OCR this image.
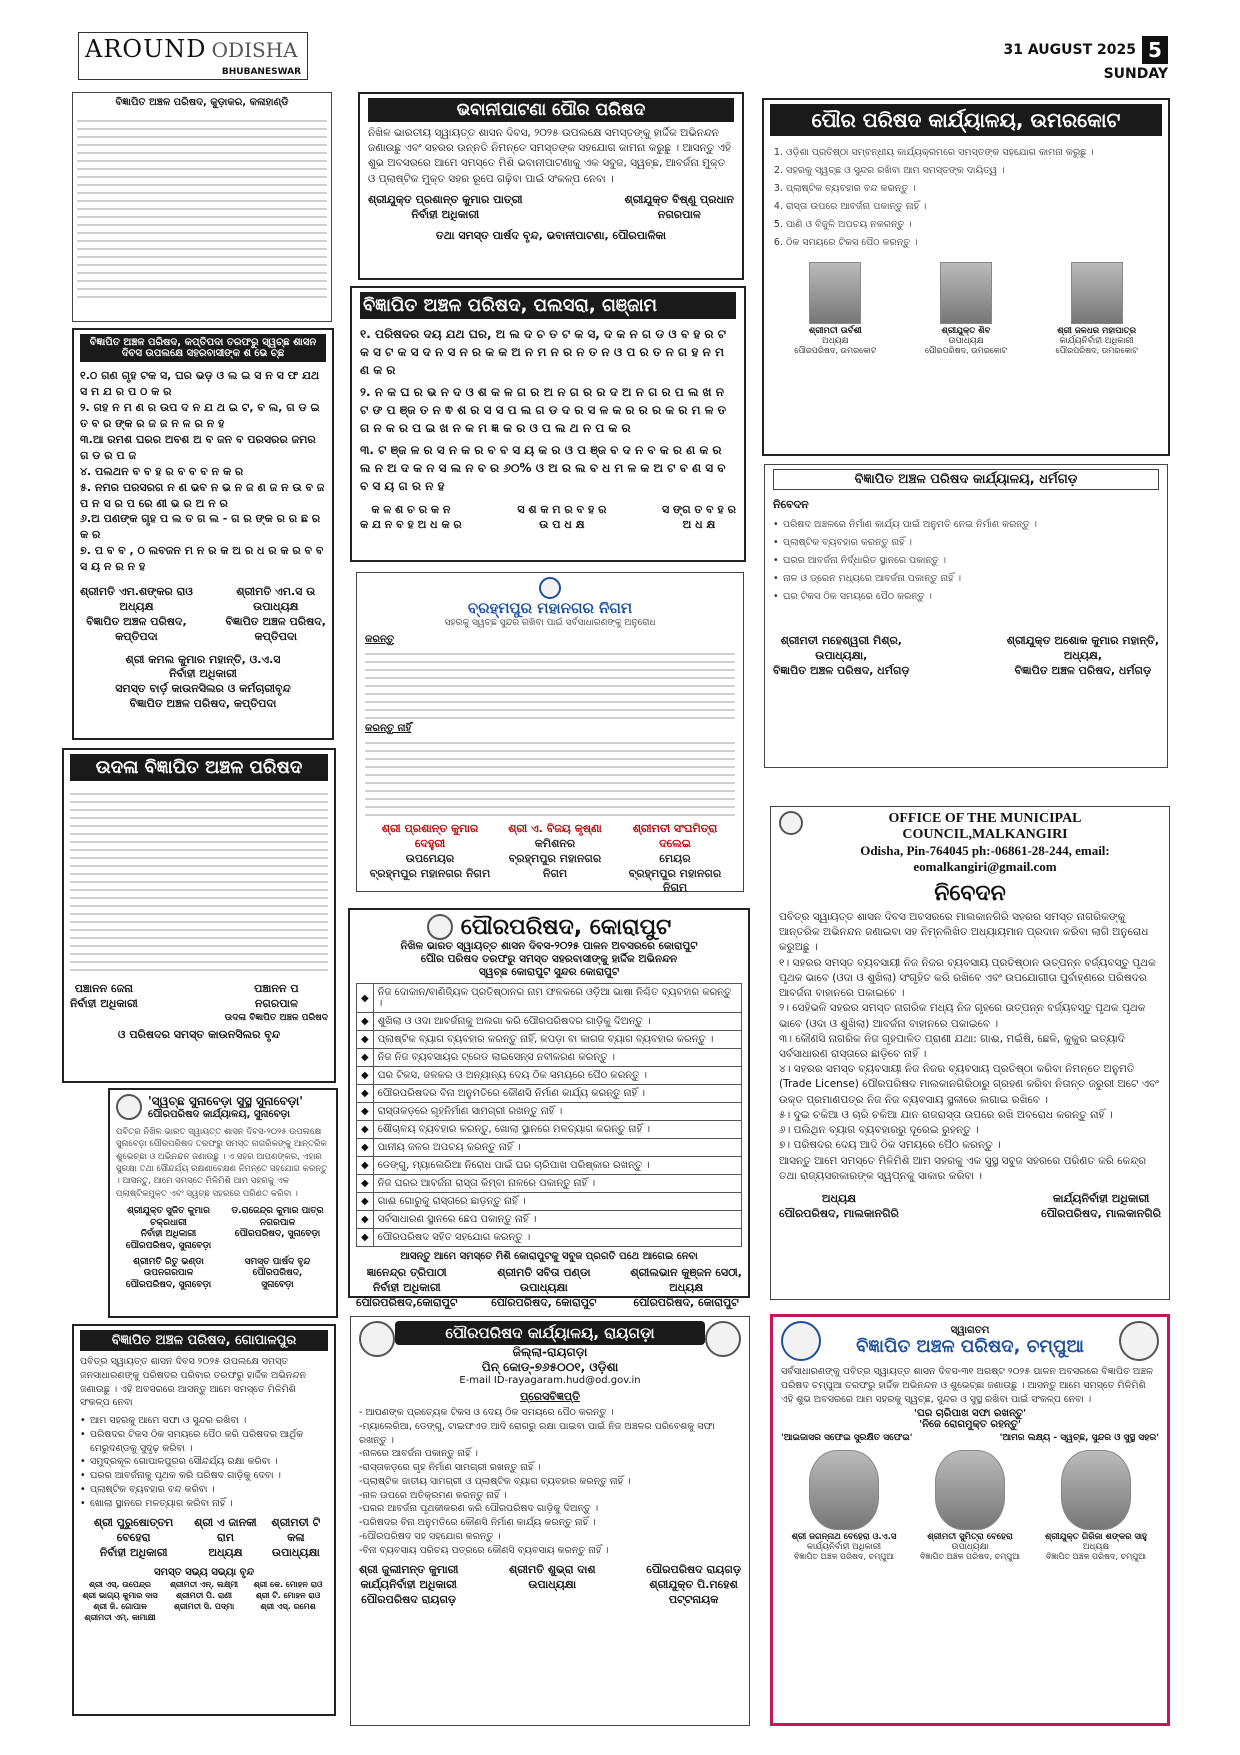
AROUND ODISHA
BHUBANESWAR
31 AUGUST 2025 5
SUNDAY
ବିଜ୍ଞାପିତ ଅଞ୍ଚଳ ପରିଷଦ, କୁଡ଼ାକର, କଳାହାଣ୍ଡି
ବିଜ୍ଞାପିତ ଅଞ୍ଚଳ ପରିଷଦ, କପ୍ତିପଦା ତରଫରୁ ସ୍ୱଚ୍ଛ ଶାସନ ଦିବସ ଉପଲକ୍ଷେ ସହରବାସୀଙ୍କ ଶ ଭେ ଚ୍ଛ
୧.ଠ ଗଣ ଗୃହ ଟକ ସ, ଘର ଭଡ଼ ଓ ଲ ଇ ସ ନ ସ ଫ ଯଥ ସ ମ ଯ ର ପ ଠ କ ର
୨. ଗହ ନ ମ ଣ ର ଉପ ଦ ନ ଯ ଥ ଇ ଟ, ବ ଲ, ଗ ଡ ଇ ତ ବ ର ଙ୍କ ର ଜ ଜ ନ ଳ ର ନ ହ
୩.ଆ ରମଶ ଘରର ଅବଶ ଅ ବ ଜନ ବ ପରସରର ଜମର ଗ ଡ ର ପ ଜ
୪. ପଲଥନ ବ ବ ହ ର ବ ବ ବ ନ କ ର
୫. ନମର ପରସରଗ ନ ଣ ଭବ ନ ଭ ନ ଜ ଣ ଜ ନ ଉ ବ ଜ ପ ନ ସ ର ପ ରେ ଣୀ ଭ ର ଅ ନ ର
୬.ଅ ପଣଙ୍କ ଗୃହ ପ ଲ ତ ଗ ଲ - ଗ ର ଙ୍କ ର ର ଛ ର କ ର
୭. ପ ବ ବ , ଠ ଲବଜନ ମ ନ ର କ ଅ ର ଧ ର କ ର ବ ବ ସ ୟ ନ ର ନ ହ
ଶ୍ରୀମତି ଏମ.ଶଙ୍କର ରାଓ
ଅଧ୍ୟକ୍ଷ
ବିଜ୍ଞାପିତ ଅଞ୍ଚଳ ପରିଷଦ,
କପ୍ତିପଦା
ଶ୍ରୀମତି ଏମ.ସ ଉ
ଉପାଧ୍ୟକ୍ଷ
ବିଜ୍ଞାପିତ ଅଞ୍ଚଳ ପରିଷଦ,
କପ୍ତିପଦା
ଶ୍ରୀ କମଲ କୁମାର ମହାନ୍ତି, ଓ.ଏ.ସ
ନିର୍ବାହୀ ଅଧିକାରୀ
ସମସ୍ତ ବାର୍ଡ଼ କାଉନସିଲର ଓ କର୍ମଚାରୀବୃନ୍ଦ
ବିଜ୍ଞାପିତ ଅଞ୍ଚଳ ପରିଷଦ, କପ୍ତିପଦା
ଉଦଳା ବିଜ୍ଞାପିତ ଅଞ୍ଚଳ ପରିଷଦ
ପଞ୍ଚାନନ ଜେନା
ନିର୍ବାହୀ ଅଧିକାରୀ
ପଞ୍ଚାନନ ପ
ନଗରପାଳ
ଉଦଳା ବିଜ୍ଞାପିତ ଅଞ୍ଚଳ ପରିଷଦ
ଓ ପରିଷଦର ସମସ୍ତ କାଉନସିଲର ବୃନ୍ଦ
'ସ୍ୱଚ୍ଛ ସୁନାବେଡ଼ା ସୁସ୍ଥ ସୁନାବେଡ଼ା'
ପୌରପରିଷଦ କାର୍ଯ୍ୟାଳୟ, ସୁନାବେଡ଼ା
ପବିତ୍ର ନିଖିଳ ଭାରତ ସ୍ୱାୟତ୍ତ ଶାସନ ଦିବସ-୨୦୨୫ ଉପଲକ୍ଷେ ସୁନାବେଡ଼ା ପୌରପରିଷଦ ତରଫରୁ ସମସ୍ତ ନାଗରିକଙ୍କୁ ଆନ୍ତରିକ ଶୁଭେଚ୍ଛା ଓ ଅଭିନନ୍ଦନ ଜଣାଉଛୁ । ଏ ସହର ଆପଣଙ୍କର, ଏହାର ସୁରକ୍ଷା ତଥା ସୌନ୍ଦର୍ଯ୍ୟ ରକ୍ଷଣାବେକ୍ଷଣ ନିମନ୍ତେ ସହଯୋଗ କରନ୍ତୁ । ଆସନ୍ତୁ, ଆମେ ସମସ୍ତେ ମିଳିମିଶି ଆମ ସହରକୁ ଏକ ପ୍ଲାଷ୍ଟିକମୁକ୍ତ ଏବଂ ସ୍ୱଚ୍ଛ ସହରରେ ପରିଣତ କରିବା ।
ଶ୍ରୀଯୁକ୍ତ ସୁଜିତ କୁମାର ଚକ୍ରଧାରୀ
ନିର୍ବାହୀ ଅଧିକାରୀ
ପୌରପରିଷଦ, ସୁନାବେଡ଼ା
ଡ.ରାଜେନ୍ଦ୍ର କୁମାର ପାତ୍ର
ନଗରପାଳ
ପୌରପରିଷଦ, ସୁନାବେଡ଼ା
ଶ୍ରୀମତି ରିତୁ ଭଣ୍ଡା
ଉପନଗରପାଳ
ପୌରପରିଷଦ, ସୁନାବେଡ଼ା
ସମସ୍ତ ପାର୍ଷଦ ବୃନ୍ଦ
ପୌରପରିଷଦ,
ସୁନାବେଡ଼ା
ବିଜ୍ଞାପିତ ଅଞ୍ଚଳ ପରିଷଦ, ଗୋପାଳପୁର
ପବିତ୍ର ସ୍ୱାୟତ୍ତ ଶାସନ ଦିବସ ୨୦୨୫ ଉପଲକ୍ଷେ ସମସ୍ତ ଜନସାଧାରଣଙ୍କୁ ପରିଷଦର ପରିବାର ତରଫରୁ ହାର୍ଦ୍ଦିକ ଅଭିନନ୍ଦନ ଜଣାଉଛୁ । ଏହି ଅବସରରେ ଆସନ୍ତୁ ଆମେ ସମସ୍ତେ ମିଳିମିଶି ସଂକଳ୍ପ ନେବା
• ଆମ ସହରକୁ ଆମେ ସଫା ଓ ସୁନ୍ଦର ରଖିବା ।
• ପରିଷଦର ଟିକସ ଠିକ ସମୟରେ ପୈଠ କରି ପରିଷଦର ଆର୍ଥିକ ମେରୁଦଣ୍ଡକୁ ସୁଦୃଢ଼ କରିବା ।
• ସମୁଦ୍ରକୂଳ ଗୋପାଳପୁରର ସୌନ୍ଦର୍ଯ୍ୟ ରକ୍ଷା କରିବା ।
• ଘରର ଆବର୍ଜନାକୁ ପୃଥକ କରି ପରିଷଦ ଗାଡ଼ିକୁ ଦେବା ।
• ପ୍ଲାଷ୍ଟିକ ବ୍ୟବହାର ବନ୍ଦ କରିବା ।
• ଖୋଲା ସ୍ଥାନରେ ମଳତ୍ୟାଗ କରିବା ନାହିଁ ।
ଶ୍ରୀ ପୁରୁଷୋତ୍ତମ ବେହେରା
ନିର୍ବାହୀ ଅଧିକାରୀ
ଶ୍ରୀ ଏ ଜାନକୀ ରାମ
ଅଧ୍ୟକ୍ଷ
ଶ୍ରୀମତୀ ଟି କଳା
ଉପାଧ୍ୟକ୍ଷା
ସମସ୍ତ ସଭ୍ୟ ସଭ୍ୟା ବୃନ୍ଦ
ଶ୍ରୀ ଏସ୍. ଉପେନ୍ଦ୍ର	ଶ୍ରୀମତୀ ଏନ୍. ଲକ୍ଷ୍ମୀ	ଶ୍ରୀ କେ. ମୋହନ ରାଓ
ଶ୍ରୀ ଭାଗ୍ୟ କୁମାର ଦାସ	ଶ୍ରୀମତୀ ପି. ରାଣୀ	ଶ୍ରୀ ଟି. ମୋହନ ରାଓ
ଶ୍ରୀ ଜି. ଗୋପାଳ	ଶ୍ରୀମତୀ ସି. ପଦ୍ମା	ଶ୍ରୀ ଏସ୍. ରମେଶ
ଶ୍ରୀମତୀ ଏମ୍. କାମାକ୍ଷୀ
ଭବାନୀପାଟଣା ପୌର ପରିଷଦ
ନିଖିଳ ଭାରତୀୟ ସ୍ୱାୟତ୍ତ ଶାସନ ଦିବସ, ୨୦୨୫ ଉପଲକ୍ଷେ ସମସ୍ତଙ୍କୁ ହାର୍ଦ୍ଦିକ ଅଭିନନ୍ଦନ ଜଣାଉଛୁ ଏବଂ ସହରର ଉନ୍ନତି ନିମନ୍ତେ ସମସ୍ତଙ୍କ ସହଯୋଗ କାମନା କରୁଛୁ । ଆସନ୍ତୁ ଏହି ଶୁଭ ଅବସରରେ ଆମେ ସମସ୍ତେ ମିଶି ଭବାନୀପାଟଣାକୁ ଏକ ସବୁଜ, ସ୍ୱଚ୍ଛ, ଆବର୍ଜନା ମୁକ୍ତ ଓ ପ୍ଲାଷ୍ଟିକ ମୁକ୍ତ ସହର ରୂପେ ଗଢ଼ିବା ପାଇଁ ସଂକଳ୍ପ ନେବା ।
ଶ୍ରୀଯୁକ୍ତ ପ୍ରଶାନ୍ତ କୁମାର ପାତ୍ରୀ
ନିର୍ବାହୀ ଅଧିକାରୀ
ଶ୍ରୀଯୁକ୍ତ ବିଷ୍ଣୁ ପ୍ରଧାନ
ନଗରପାଳ
ତଥା ସମସ୍ତ ପାର୍ଷଦ ବୃନ୍ଦ, ଭବାନୀପାଟଣା, ପୌରପାଳିକା
ବିଜ୍ଞାପିତ ଅଞ୍ଚଳ ପରିଷଦ, ପଲସରା, ଗଞ୍ଜାମ
୧. ପରିଷଦର ଦୟ ଯଥ ଘର, ଅ ଲ ଦ ଚ ତ ଟ କ ସ, ଦ କ ନ ଗ ଡ ଓ ବ ହ ର ଟ କ ସ ଟ କ ସ ଦ ନ ସ ନ ର କ କ ଅ ନ ମ ନ ର ନ ତ ନ ଓ ପ ର ତ ନ ଗ ହ ନ ମ ଣ କ ର
୨. ନ କ ଘ ର ଭ ନ ଦ ଓ ଶ କ ଳ ଗ ର ଅ ନ ଗ ର ର ଦ ଅ ନ ଗ ର ପ ଲ ଖ ନ ଟ ଙ ପ ଞ୍ଜ ତ ନ ଵ ଶ ର ସ ସ ପ ଲ ଗ ଡ ଦ ର ସ ଳ କ ର ର ର କ ର ମ ଳ ତ ଗ ନ କ ର ପ ଇ ଖ ନ କ ମ ଜ୍ଞ କ ର ଓ ପ ଲ ଥ ନ ପ କ ର
୩. ଟ ଞ୍ଜ ଳ ର ସ ନ କ ର ବ ବ ସ ୟ କ ର ଓ ପ ଞ୍ଜ ବ ଦ ନ ବ କ ର ଣ କ ର ଲ ନ ଅ ଦ କ ନ ସ ଲ ନ ବ ର ୬୦% ଓ ଅ ର ଲ ବ ଧ ମ ଳ କ ଅ ଟ ବ ଣ ସ ବ ବ ସ ୟ ଗ ର ନ ହ
କ ଳ ଶ ଚ ର କ ନ
କ ଯ ନ ବ ହ ଅ ଧ କ ର
ସ ଶ କ ମ ର ବ ହ ର
ଉ ପ ଧ କ୍ଷ
ସ ଙ୍ଗ ତ ବ ହ ର
ଅ ଧ କ୍ଷ
ବ୍ରହ୍ମପୁର ମହାନଗର ନିଗମ
ସହରକୁ ସ୍ୱଚ୍ଛ ସୁନ୍ଦର ରଖିବା ପାଇଁ ସର୍ବସାଧାରଣଙ୍କୁ ଅନୁରୋଧ
କରନ୍ତୁ
କରନ୍ତୁ ନାହିଁ
ଶ୍ରୀ ପ୍ରଶାନ୍ତ କୁମାର ଦେହୁରୀ
ଉପମେୟର
ବ୍ରହ୍ମପୁର ମହାନଗର ନିଗମ
ଶ୍ରୀ ଏ. ବିଜୟ କୃଷ୍ଣା
କମିଶନର
ବ୍ରହ୍ମପୁର ମହାନଗର ନିଗମ
ଶ୍ରୀମତୀ ସଂଘମିତ୍ରା ଦଲେଇ
ମେୟର
ବ୍ରହ୍ମପୁର ମହାନଗର ନିଗମ
ପୌରପରିଷଦ, କୋରାପୁଟ
ନିଖିଳ ଭାରତ ସ୍ୱାୟତ୍ତ ଶାସନ ଦିବସ-୨୦୨୫ ପାଳନ ଅବସରରେ କୋରାପୁଟ
ପୌର ପରିଷଦ ତରଫରୁ ସମସ୍ତ ସହରବାସୀଙ୍କୁ ହାର୍ଦ୍ଦିକ ଅଭିନନ୍ଦନ
ସ୍ୱଚ୍ଛ କୋରାପୁଟ ସୁନ୍ଦର କୋରାପୁଟ
◆	ନିଜ ଦୋକାନ/ବାଣିଜ୍ୟିକ ପ୍ରତିଷ୍ଠାନର ନାମ ଫଳକରେ ଓଡ଼ିଆ ଭାଷା ନିଶ୍ଚିତ ବ୍ୟବହାର କରନ୍ତୁ ।
◆	ଶୁଖିଲା ଓ ଓଦା ଆବର୍ଜନାକୁ ଅଲଗା କରି ପୌରପରିଷଦର ଗାଡ଼ିକୁ ଦିଅନ୍ତୁ ।
◆	ପ୍ଲାଷ୍ଟିକ ବ୍ୟାଗ ବ୍ୟବହାର କରନ୍ତୁ ନାହିଁ, କପଡ଼ା ବା କାଗଜ ବ୍ୟାଗ ବ୍ୟବହାର କରନ୍ତୁ ।
◆	ନିଜ ନିଜ ବ୍ୟବସାୟର ଟ୍ରେଡ ଲାଇସେନ୍ସ ନବୀକରଣ କରନ୍ତୁ ।
◆	ଘର ଟିକସ, ଜଳକର ଓ ଅନ୍ୟାନ୍ୟ ଦେୟ ଠିକ ସମୟରେ ପୈଠ କରନ୍ତୁ ।
◆	ପୌରପରିଷଦର ବିନା ଅନୁମତିରେ କୌଣସି ନିର୍ମାଣ କାର୍ଯ୍ୟ କରନ୍ତୁ ନାହିଁ ।
◆	ରାସ୍ତାକଡ଼ରେ ଗୃହନିର୍ମାଣ ସାମଗ୍ରୀ ରଖନ୍ତୁ ନାହିଁ ।
◆	ଶୌଚାଳୟ ବ୍ୟବହାର କରନ୍ତୁ, ଖୋଲା ସ୍ଥାନରେ ମଳତ୍ୟାଗ କରନ୍ତୁ ନାହିଁ ।
◆	ପାନୀୟ ଜଳର ଅପଚୟ କରନ୍ତୁ ନାହିଁ ।
◆	ଡେଙ୍ଗୁ, ମ୍ୟାଲେରିଆ ନିରୋଧ ପାଇଁ ଘର ଚାରିପାଖ ପରିଷ୍କାର ରଖନ୍ତୁ ।
◆	ନିଜ ଘରର ଆବର୍ଜନା ରାସ୍ତା କିମ୍ବା ନାଳରେ ପକାନ୍ତୁ ନାହିଁ ।
◆	ଗାଈ ଗୋରୁକୁ ରାସ୍ତାରେ ଛାଡ଼ନ୍ତୁ ନାହିଁ ।
◆	ସର୍ବସାଧାରଣ ସ୍ଥାନରେ ଛେପ ପକାନ୍ତୁ ନାହିଁ ।
◆	ପୌରପରିଷଦ ସହିତ ସହଯୋଗ କରନ୍ତୁ ।
ଆସନ୍ତୁ ଆମେ ସମସ୍ତେ ମିଶି କୋରାପୁଟକୁ ସବୁଜ ପ୍ରଗତି ପଥେ ଆଗେଇ ନେବା
ଜ୍ଞାନେନ୍ଦ୍ର ତ୍ରିପାଠୀ
ନିର୍ବାହୀ ଅଧିକାରୀ
ପୌରପରିଷଦ,କୋରାପୁଟ
ଶ୍ରୀମତି ସବିତା ପଣ୍ଡା
ଉପାଧ୍ୟକ୍ଷା
ପୌରପରିଷଦ, କୋରାପୁଟ
ଶ୍ରୀଲଭାନ କୁଞ୍ଜନ ସେଠୀ,
ଅଧ୍ୟକ୍ଷ
ପୌରପରିଷଦ, କୋରାପୁଟ
ପୌରପରିଷଦ କାର୍ଯ୍ୟାଳୟ, ରାୟଗଡ଼ା
ଜିଲ୍ଲା-ରାୟଗଡ଼ା
ପିନ୍ କୋଡ୍-୭୬୫୦୦୧, ଓଡ଼ିଶା
E-mail ID-rayagaram.hud@od.gov.in
ପ୍ରେସବିଜ୍ଞପ୍ତି
- ଆପଣଙ୍କ ପ୍ରତ୍ୟେକ ଟିକସ ଓ ଦେୟ ଠିକ ସମୟରେ ପୈଠ କରନ୍ତୁ ।
-ମ୍ୟାଲେରିଆ, ଡେଙ୍ଗୁ, ଟାଇଫଏଡ ଆଦି ରୋଗରୁ ରକ୍ଷା ପାଇବା ପାଇଁ ନିଜ ଅଞ୍ଚଳର ପରିବେଶକୁ ସଫା ରଖନ୍ତୁ ।
-ନାଳରେ ଆବର୍ଜନା ପକାନ୍ତୁ ନାହିଁ ।
-ରାସ୍ତାକଡ଼ରେ ଗୃହ ନିର୍ମାଣ ସାମଗ୍ରୀ ରଖନ୍ତୁ ନାହିଁ ।
-ପ୍ଲାଷ୍ଟିକ ଜାତୀୟ ସାମଗ୍ରୀ ଓ ପ୍ଲାଷ୍ଟିକ ବ୍ୟାଗ ବ୍ୟବହାର କରନ୍ତୁ ନାହିଁ ।
-ନାଳ ଉପରେ ଅତିକ୍ରମଣ କରନ୍ତୁ ନାହିଁ ।
-ଘରର ଆବର୍ଜନା ପୃଥକୀକରଣ କରି ପୌରପରିଷଦ ଗାଡ଼ିକୁ ଦିଅନ୍ତୁ ।
-ପରିଷଦର ବିନା ଅନୁମତିରେ କୌଣସି ନିର୍ମାଣ କାର୍ଯ୍ୟ କରନ୍ତୁ ନାହିଁ ।
-ପୌରପରିଷଦ ସହ ସହଯୋଗ କରନ୍ତୁ ।
-ବିନା ବ୍ୟବସାୟ ପରିଚୟ ପତ୍ରରେ କୌଣସି ବ୍ୟବସାୟ କରନ୍ତୁ ନାହିଁ ।
ଶ୍ରୀ ଜୁଲୀମନ୍ତ କୁମାରୀ
କାର୍ଯ୍ୟନିର୍ବାହୀ ଅଧିକାରୀ
ପୌରପରିଷଦ ରାୟଗଡ଼
ଶ୍ରୀମତି ଶୁଭ୍ରା ଦାଶ
ଉପାଧ୍ୟକ୍ଷା
ପୌରପରିଷଦ ରାୟଗଡ଼
ଶ୍ରୀଯୁକ୍ତ ପି.ମହେଶ
ପଟ୍ଟନାୟକ
ପୌର ପରିଷଦ କାର୍ଯ୍ୟାଳୟ, ଉମରକୋଟ
1. ଓଡ଼ିଶା ପ୍ରତିଷ୍ଠା ସମ୍ବନ୍ଧୀୟ କାର୍ଯ୍ୟକ୍ରମରେ ସମସ୍ତଙ୍କ ସହଯୋଗ କାମନା କରୁଛୁ ।
2. ସହରକୁ ସ୍ୱଚ୍ଛ ଓ ସୁନ୍ଦର ରଖିବା ଆମ ସମସ୍ତଙ୍କ ଦାୟିତ୍ୱ ।
3. ପ୍ଲାଷ୍ଟିକ ବ୍ୟବହାର ବନ୍ଦ କରନ୍ତୁ ।
4. ରାସ୍ତା ଉପରେ ଆବର୍ଜନା ପକାନ୍ତୁ ନାହିଁ ।
5. ପାଣି ଓ ବିଜୁଳି ଅପଚୟ ନକରନ୍ତୁ ।
6. ଠିକ ସମୟରେ ଟିକସ ପୈଠ କରନ୍ତୁ ।
ଶ୍ରୀମତୀ ଉର୍ବଶୀ
ଅଧ୍ୟକ୍ଷ
ପୌରପରିଷଦ, ଉମରକୋଟ
ଶ୍ରୀଯୁକ୍ତ ଶିବ
ଉପାଧ୍ୟକ୍ଷ
ପୌରପରିଷଦ, ଉମରକୋଟ
ଶ୍ରୀ ଜଳଧର ମହାପାତ୍ର
କାର୍ଯ୍ୟନିର୍ବାହୀ ଅଧିକାରୀ
ପୌରପରିଷଦ, ଉମରକୋଟ
ବିଜ୍ଞାପିତ ଅଞ୍ଚଳ ପରିଷଦ କାର୍ଯ୍ୟାଳୟ, ଧର୍ମଗଡ଼
ନିବେଦନ
• ପରିଷଦ ଅଞ୍ଚଳରେ ନିର୍ମାଣ କାର୍ଯ୍ୟ ପାଇଁ ଅନୁମତି ନେଇ ନିର୍ମାଣ କରନ୍ତୁ ।
• ପ୍ଲାଷ୍ଟିକ ବ୍ୟବହାର କରନ୍ତୁ ନାହିଁ ।
• ଘରର ଆବର୍ଜନା ନିର୍ଦ୍ଧାରିତ ସ୍ଥାନରେ ପକାନ୍ତୁ ।
• ନାଳ ଓ ଡ୍ରେନ ମଧ୍ୟରେ ଆବର୍ଜନା ପକାନ୍ତୁ ନାହିଁ ।
• ଘର ଟିକସ ଠିକ ସମୟରେ ପୈଠ କରନ୍ତୁ ।
ଶ୍ରୀମତୀ ମହେଶ୍ୱରୀ ମିଶ୍ର,
ଉପାଧ୍ୟକ୍ଷା,
ବିଜ୍ଞାପିତ ଅଞ୍ଚଳ ପରିଷଦ, ଧର୍ମଗଡ଼
ଶ୍ରୀଯୁକ୍ତ ଅଶୋକ କୁମାର ମହାନ୍ତି,
ଅଧ୍ୟକ୍ଷ,
ବିଜ୍ଞାପିତ ଅଞ୍ଚଳ ପରିଷଦ, ଧର୍ମଗଡ଼
OFFICE OF THE MUNICIPAL
COUNCIL,MALKANGIRI
Odisha, Pin-764045 ph:-06861-28-244, email:
eomalkangiri@gmail.com
ନିବେଦନ
ପବିତ୍ର ସ୍ୱାୟତ୍ତ ଶାସନ ଦିବସ ଅବସରରେ ମାଲକାନଗିରି ସହରର ସମସ୍ତ ନାଗରିକଙ୍କୁ ଆନ୍ତରିକ ଅଭିନନ୍ଦନ ଜଣାଇବା ସହ ନିମ୍ନଲିଖିତ ଅଧ୍ୟାୟମାନ ପ୍ରଦାନ କରିବା ଲାଗି ଅନୁରୋଧ କରୁଅଛୁ ।
୧। ସହରର ସମସ୍ତ ବ୍ୟବସାୟୀ ନିଜ ନିଜର ବ୍ୟବସାୟ ପ୍ରତିଷ୍ଠାନ ଉତ୍ପନ୍ନ ବର୍ଜ୍ୟବସ୍ତୁ ପୃଥକ ପୃଥକ ଭାବେ (ଓଦା ଓ ଶୁଖିଲା) ସଂଗୃହିତ କରି ରଖିବେ ଏବଂ ଉପଯୋଗୀତା ପୁର୍ବାହ୍ଣରେ ପରିଷଦର ଆବର୍ଜନା ବାହାନରେ ପକାଇବେ ।
୨। ସେହିଭଳି ସହରର ସମସ୍ତ ନାଗରିକ ମଧ୍ୟ ନିଜ ଗୃହରେ ଉତ୍ପନ୍ନ ବର୍ଜ୍ୟବସ୍ତୁ ପୃଥକ ପୃଥକ ଭାବେ (ଓଦା ଓ ଶୁଖିଲା) ଆବର୍ଜନା ବାହାନରେ ପକାଇବେ ।
୩। କୌଣସି ନାଗରିକ ନିଜ ଗୃହପାଳିତ ପ୍ରାଣୀ ଯଥା: ଗାଈ, ମଇଁଷି, ଛେଳି, କୁକୁର ଇତ୍ୟାଦି ସର୍ବସାଧାରଣ ରାସ୍ତାରେ ଛାଡ଼ିବେ ନାହିଁ ।
୪। ସହରର ସମସ୍ତ ବ୍ୟବସାୟୀ ନିଜ ନିଜର ବ୍ୟବସାୟ ପ୍ରତିଷ୍ଠା କରିବା ନିମନ୍ତେ ଅନୁମତି (Trade License) ପୌରପରିଷଦ ମାଲକାନଗିରିଠାରୁ ଗ୍ରହଣ କରିବା ନିତାନ୍ତ ଜରୁରୀ ଅଟେ ଏବଂ ଉକ୍ତ ପ୍ରମାଣପତ୍ର ନିଜ ନିଜ ବ୍ୟବସାୟ ସ୍ଥଳୀରେ ଲଗାଇ ରଖିବେ ।
୫। ଦୁଇ ଚକିଆ ଓ ଚାରି ଚକିଆ ଯାନ ରାଜରାସ୍ତା ଉପରେ ରଖି ଅବରୋଧ କରନ୍ତୁ ନାହିଁ ।
୬। ପଲିଥିନ ବ୍ୟାଗ ବ୍ୟବହାରରୁ ଦୂରେଇ ରୁହନ୍ତୁ ।
୭। ପରିଷଦର ଦେୟ ଆଦି ଠିକ ସମୟରେ ପୈଠ କରନ୍ତୁ ।
ଆସନ୍ତୁ ଆମେ ସମସ୍ତେ ମିଳିମିଶି ଆମ ସହରକୁ ଏକ ସୁସ୍ଥ ସବୁଜ ସହରରେ ପରିଣତ କରି କେନ୍ଦ୍ର ତଥା ରାଜ୍ୟସରକାରଙ୍କ ସ୍ୱପ୍ନକୁ ସାକାର କରିବା ।
ଅଧ୍ୟକ୍ଷ
ପୌରପରିଷଦ, ମାଲକାନଗିରି
କାର୍ଯ୍ୟନିର୍ବାହୀ ଅଧିକାରୀ
ପୌରପରିଷଦ, ମାଲକାନଗିରି
ସ୍ୱାଗତମ
ବିଜ୍ଞାପିତ ଅଞ୍ଚଳ ପରିଷଦ, ଚମ୍ପୁଆ
ସର୍ବସାଧାରଣଙ୍କୁ ପବିତ୍ର ସ୍ୱାୟତ୍ତ ଶାସନ ଦିବସ-୩୧ ଅଗଷ୍ଟ ୨୦୨୫ ପାଳନ ଅବସରରେ ବିଜ୍ଞାପିତ ଅଞ୍ଚଳ ପରିଷଦ ଚମ୍ପୁଆ ତରଫରୁ ହାର୍ଦ୍ଦିକ ଅଭିନନ୍ଦନ ଓ ଶୁଭେଚ୍ଛା ଜଣାଉଛୁ । ଆସନ୍ତୁ ଆମେ ସମସ୍ତେ ମିଳିମିଶି ଏହି ଶୁଭ ଅବସରରେ ଆମ ସହରକୁ ସ୍ୱଚ୍ଛ, ସୁନ୍ଦର ଓ ସୁସ୍ଥ ରଖିବା ପାଇଁ ସଂକଳ୍ପ ନେବା ।
'ଘର ଚାରିପାଖ ସଫା ରଖନ୍ତୁ'
'ନିଜେ ରୋଗମୁକ୍ତ ରହନ୍ତୁ'
'ଆଇଜାସର ସଫେଇ ସୁରକ୍ଷିତ ସଫେଇ'	'ଆମର ଲକ୍ଷ୍ୟ - ସ୍ୱଚ୍ଛ, ସୁନ୍ଦର ଓ ସୁସ୍ଥ ସହର'
ଶ୍ରୀ ଜଗନ୍ନାଥ ବେହେରା ଓ.ଏ.ସ
କାର୍ଯ୍ୟନିର୍ବାହୀ ଅଧିକାରୀ
ବିଜ୍ଞାପିତ ଅଞ୍ଚଳ ପରିଷଦ, ଚମ୍ପୁଆ
ଶ୍ରୀମତୀ ସୁମିତ୍ରା ବେହେରା
ଉପାଧ୍ୟକ୍ଷା
ବିଜ୍ଞାପିତ ଅଞ୍ଚଳ ପରିଷଦ, ଚମ୍ପୁଆ
ଶ୍ରୀଯୁକ୍ତ ଗିରିଜା ଶଙ୍କର ସାହୁ
ଅଧ୍ୟକ୍ଷ
ବିଜ୍ଞାପିତ ଅଞ୍ଚଳ ପରିଷଦ, ଚମ୍ପୁଆ
